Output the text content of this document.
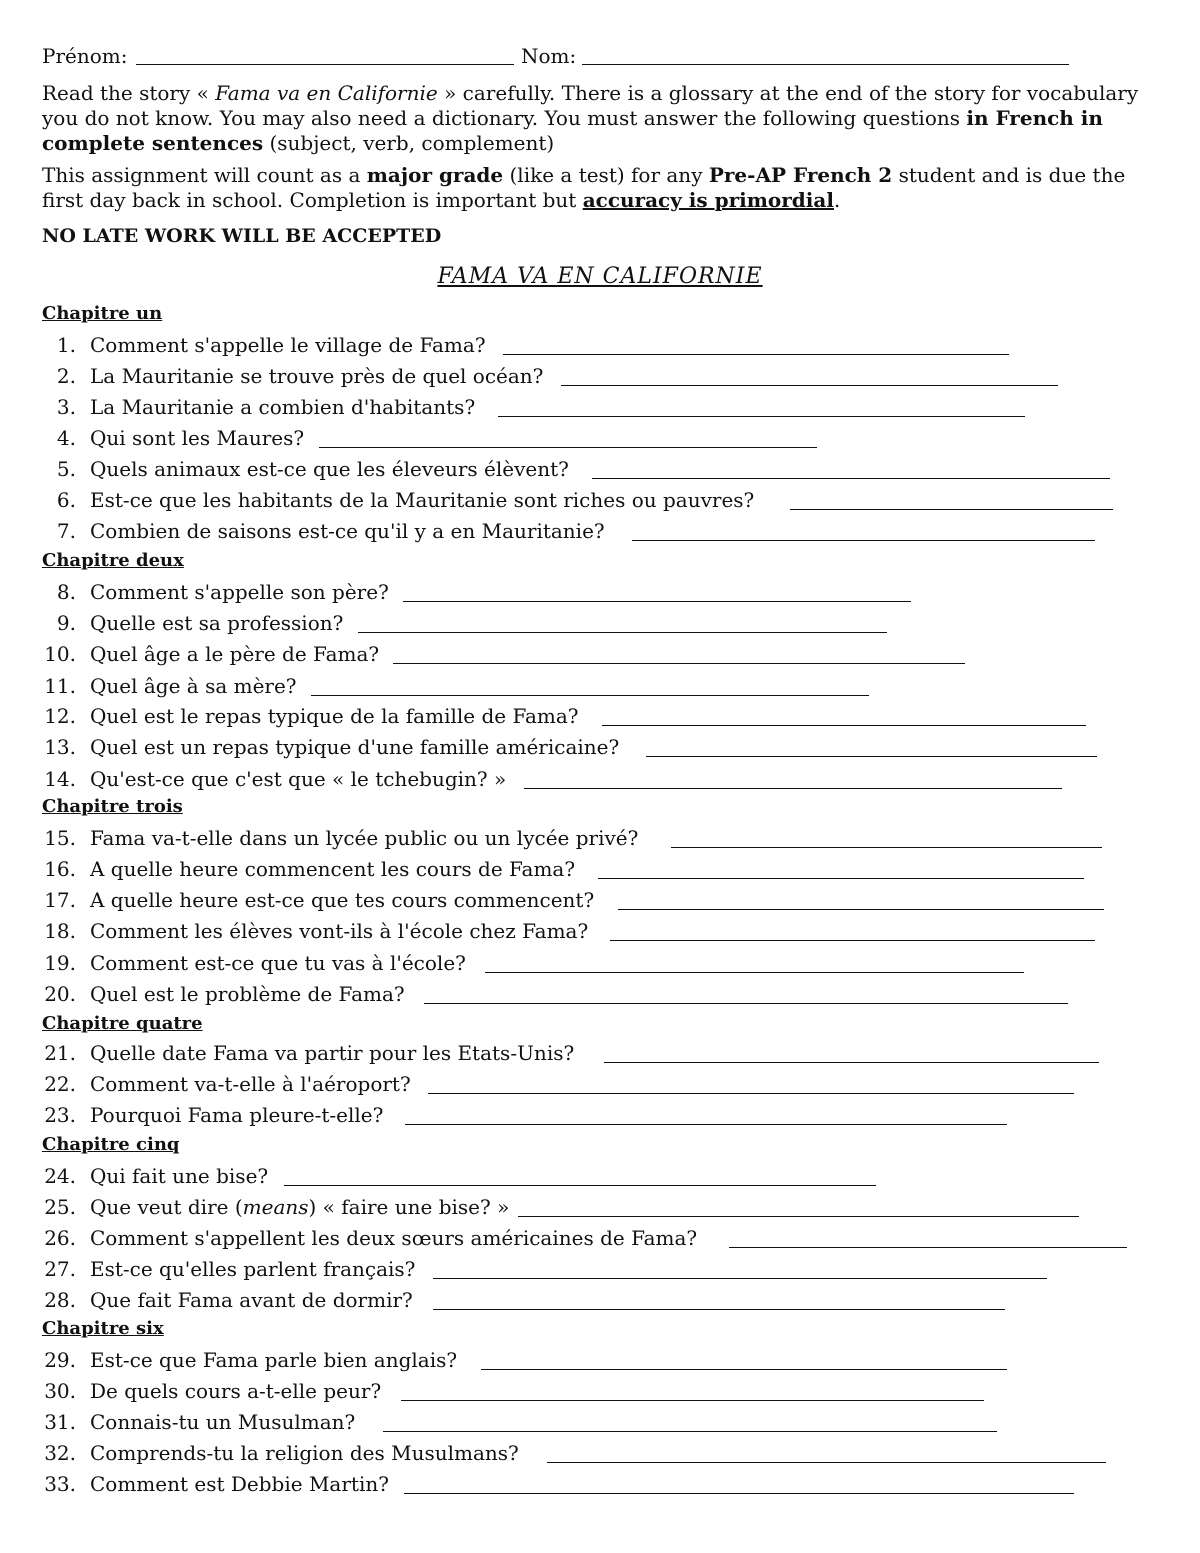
Prénom:	Nom:
Read the story « Fama va en Californie » carefully. There is a glossary at the end of the story for vocabulary you do not know. You may also need a dictionary. You must answer the following questions in French in complete sentences (subject, verb, complement)
This assignment will count as a major grade (like a test) for any Pre-AP French 2 student and is due the first day back in school. Completion is important but accuracy is primordial.
NO LATE WORK WILL BE ACCEPTED
FAMA VA EN CALIFORNIE
Chapitre un
Chapitre deux
Chapitre trois
Chapitre quatre
Chapitre cinq
Chapitre six
1. Comment s'appelle le village de Fama?
2. La Mauritanie se trouve près de quel océan?
3. La Mauritanie a combien d'habitants?
4. Qui sont les Maures?
5. Quels animaux est-ce que les éleveurs élèvent?
6. Est-ce que les habitants de la Mauritanie sont riches ou pauvres?
7. Combien de saisons est-ce qu'il y a en Mauritanie?
8. Comment s'appelle son père?
9. Quelle est sa profession?
10. Quel âge a le père de Fama?
11. Quel âge à sa mère?
12. Quel est le repas typique de la famille de Fama?
13. Quel est un repas typique d'une famille américaine?
14. Qu'est-ce que c'est que « le tchebugin? »
15. Fama va-t-elle dans un lycée public ou un lycée privé?
16. A quelle heure commencent les cours de Fama?
17. A quelle heure est-ce que tes cours commencent?
18. Comment les élèves vont-ils à l'école chez Fama?
19. Comment est-ce que tu vas à l'école?
20. Quel est le problème de Fama?
21. Quelle date Fama va partir pour les Etats-Unis?
22. Comment va-t-elle à l'aéroport?
23. Pourquoi Fama pleure-t-elle?
24. Qui fait une bise?
25. Que veut dire (means) « faire une bise? »
26. Comment s'appellent les deux sœurs américaines de Fama?
27. Est-ce qu'elles parlent français?
28. Que fait Fama avant de dormir?
29. Est-ce que Fama parle bien anglais?
30. De quels cours a-t-elle peur?
31. Connais-tu un Musulman?
32. Comprends-tu la religion des Musulmans?
33. Comment est Debbie Martin?
